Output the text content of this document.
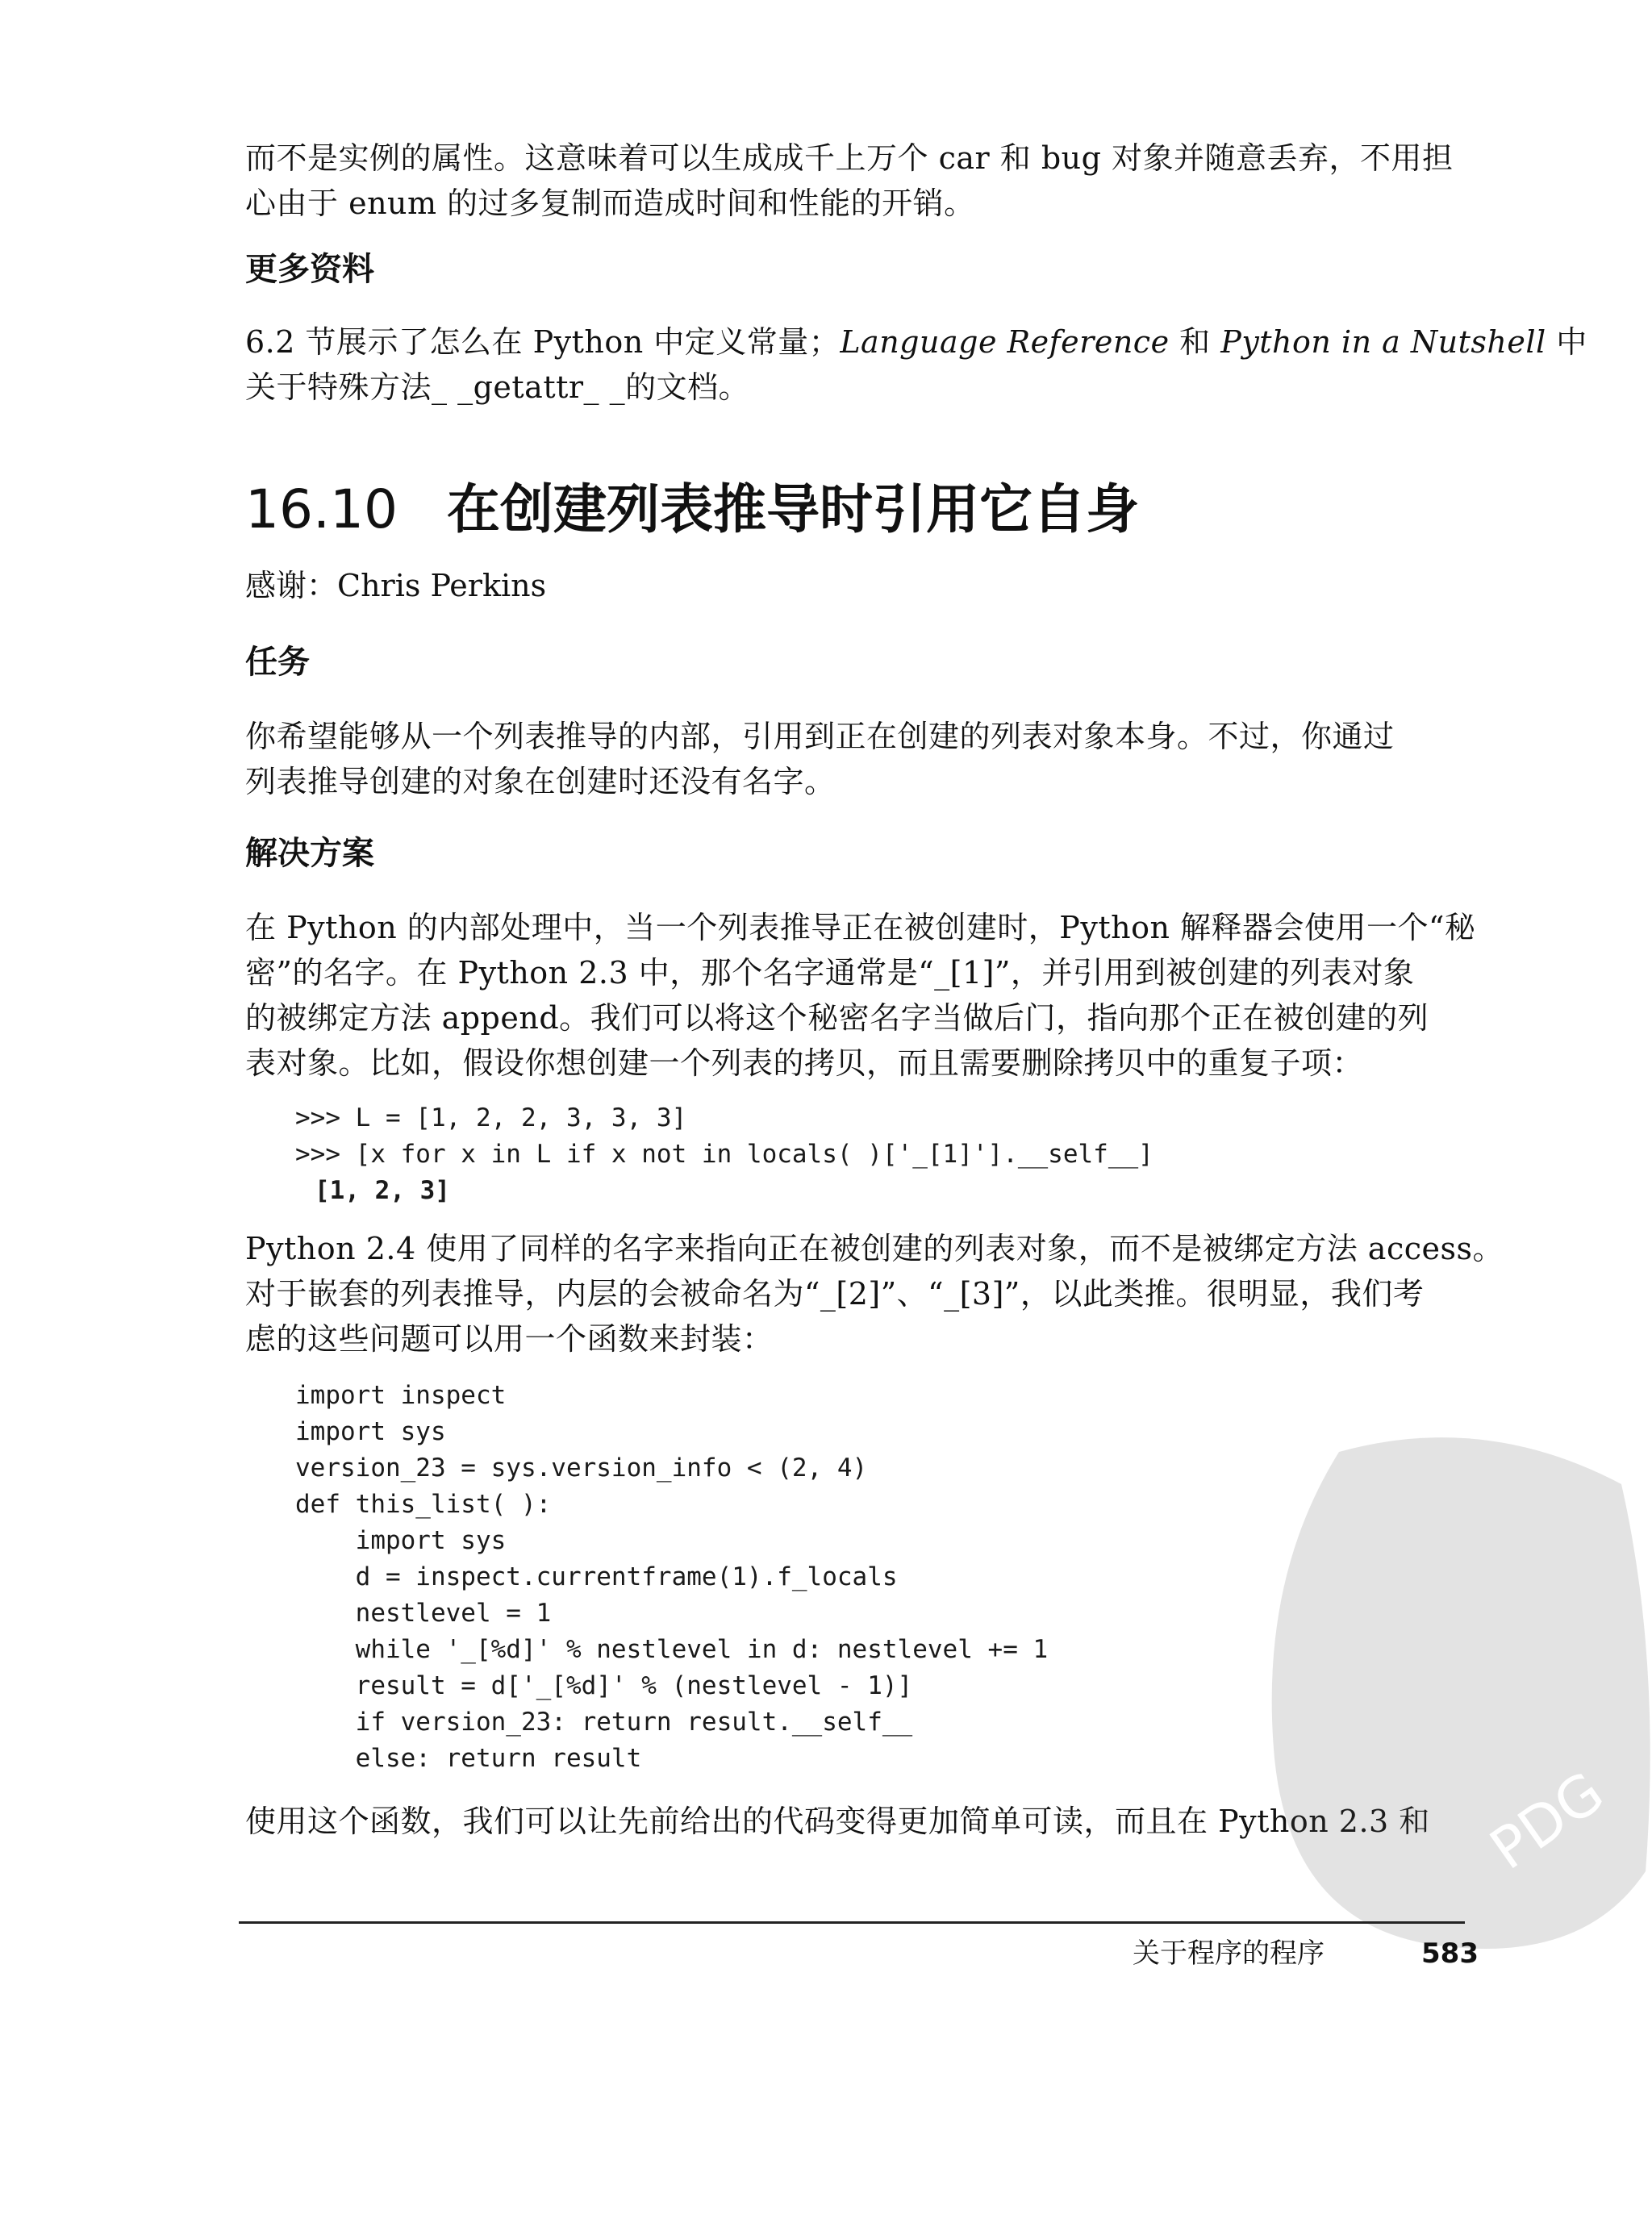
而不是实例的属性。这意味着可以生成成千上万个 car 和 bug 对象并随意丢弃，不用担
心由于 enum 的过多复制而造成时间和性能的开销。

更多资料

6.2 节展示了怎么在 Python 中定义常量；Language Reference 和 Python in a Nutshell 中
关于特殊方法_ _getattr_ _的文档。

16.10 在创建列表推导时引用它自身
感谢：Chris Perkins
任务

你希望能够从一个列表推导的内部，引用到正在创建的列表对象本身。不过，你通过
列表推导创建的对象在创建时还没有名字。

解决方案

在 Python 的内部处理中，当一个列表推导正在被创建时，Python 解释器会使用一个“秘
密”的名字。在 Python 2.3 中，那个名字通常是“_[1]”，并引用到被创建的列表对象
的被绑定方法 append。我们可以将这个秘密名字当做后门，指向那个正在被创建的列
表对象。比如，假设你想创建一个列表的拷贝，而且需要删除拷贝中的重复子项：

>>> L = [1, 2, 2, 3, 3, 3]
>>> [x for x in L if x not in locals( )['_[1]'].__self__]
[1, 2, 3]

Python 2.4 使用了同样的名字来指向正在被创建的列表对象，而不是被绑定方法 access。
对于嵌套的列表推导，内层的会被命名为“_[2]”、“_[3]”，以此类推。很明显，我们考
虑的这些问题可以用一个函数来封装：

import inspect
import sys
version_23 = sys.version_info < (2, 4)
def this_list( ):
import sys
d = inspect.currentframe(1).f_locals
nestlevel = 1
while '_[%d]' % nestlevel in d: nestlevel += 1
result = d['_[%d]' % (nestlevel - 1)]
if version_23: return result.__self__
else: return result

使用这个函数，我们可以让先前给出的代码变得更加简单可读，而且在 Python 2.3 和 PDG
关于程序的程序	583
